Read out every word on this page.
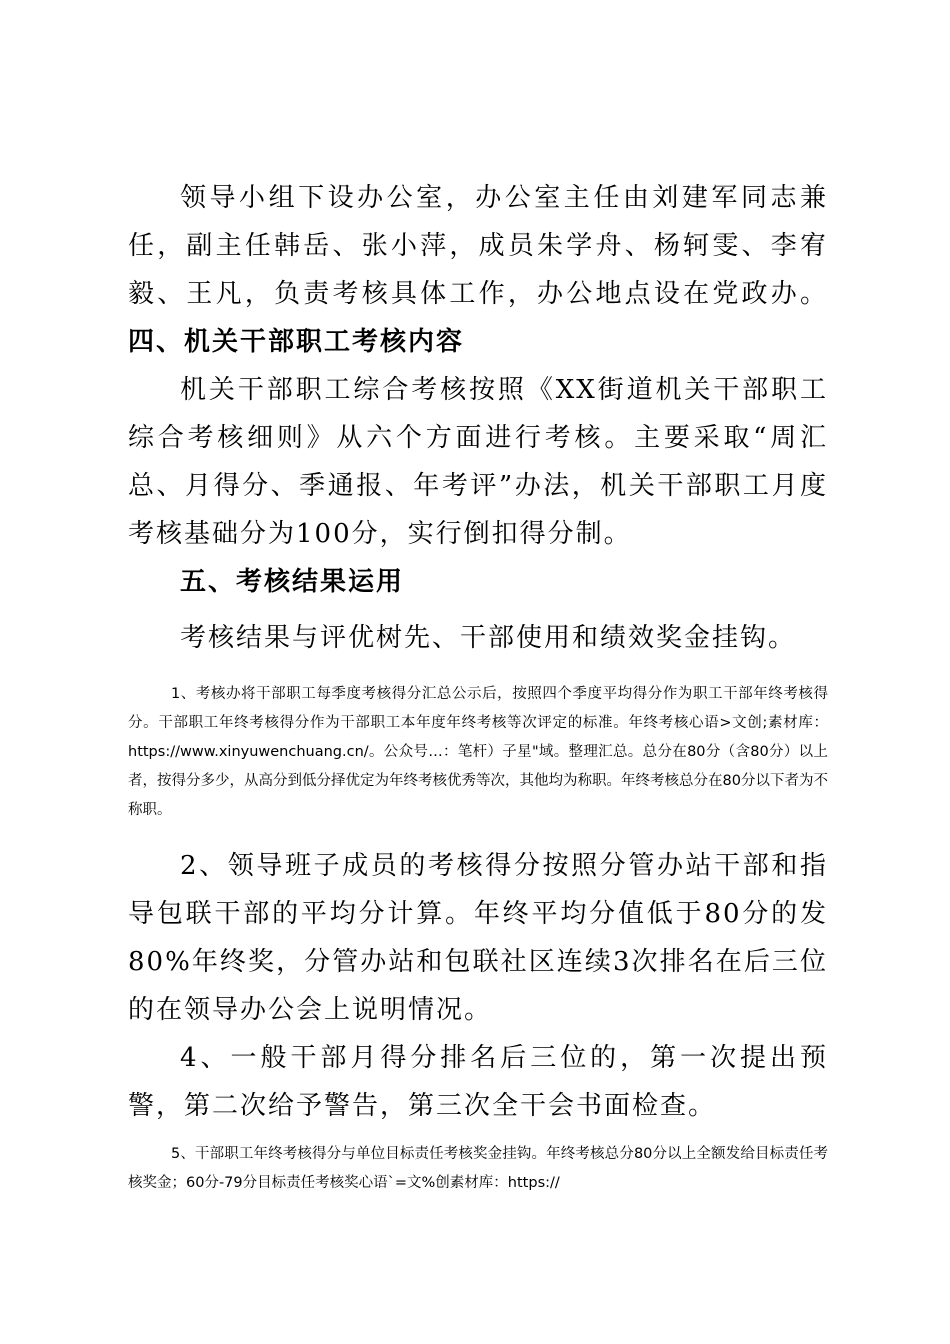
领导小组下设办公室，办公室主任由刘建军同志兼任，副主任韩岳、张小萍，成员朱学舟、杨轲雯、李宥毅、王凡，负责考核具体工作，办公地点设在党政办。四、机关干部职工考核内容
机关干部职工综合考核按照《XX街道机关干部职工综合考核细则》从六个方面进行考核。主要采取“周汇总、月得分、季通报、年考评”办法，机关干部职工月度考核基础分为100分，实行倒扣得分制。
五、考核结果运用
考核结果与评优树先、干部使用和绩效奖金挂钩。
1、考核办将干部职工每季度考核得分汇总公示后，按照四个季度平均得分作为职工干部年终考核得分。干部职工年终考核得分作为干部职工本年度年终考核等次评定的标准。年终考核心语>文创;素材库：https://www.xinyuwenchuang.cn/。公众号…：笔杆）子星"域。整理汇总。总分在80分（含80分）以上者，按得分多少，从高分到低分择优定为年终考核优秀等次，其他均为称职。年终考核总分在80分以下者为不称职。
2、领导班子成员的考核得分按照分管办站干部和指导包联干部的平均分计算。年终平均分值低于80分的发80%年终奖，分管办站和包联社区连续3次排名在后三位的在领导办公会上说明情况。
4、一般干部月得分排名后三位的，第一次提出预警，第二次给予警告，第三次全干会书面检查。
5、干部职工年终考核得分与单位目标责任考核奖金挂钩。年终考核总分80分以上全额发给目标责任考核奖金；60分-79分目标责任考核奖心语`=文%创素材库：https://
